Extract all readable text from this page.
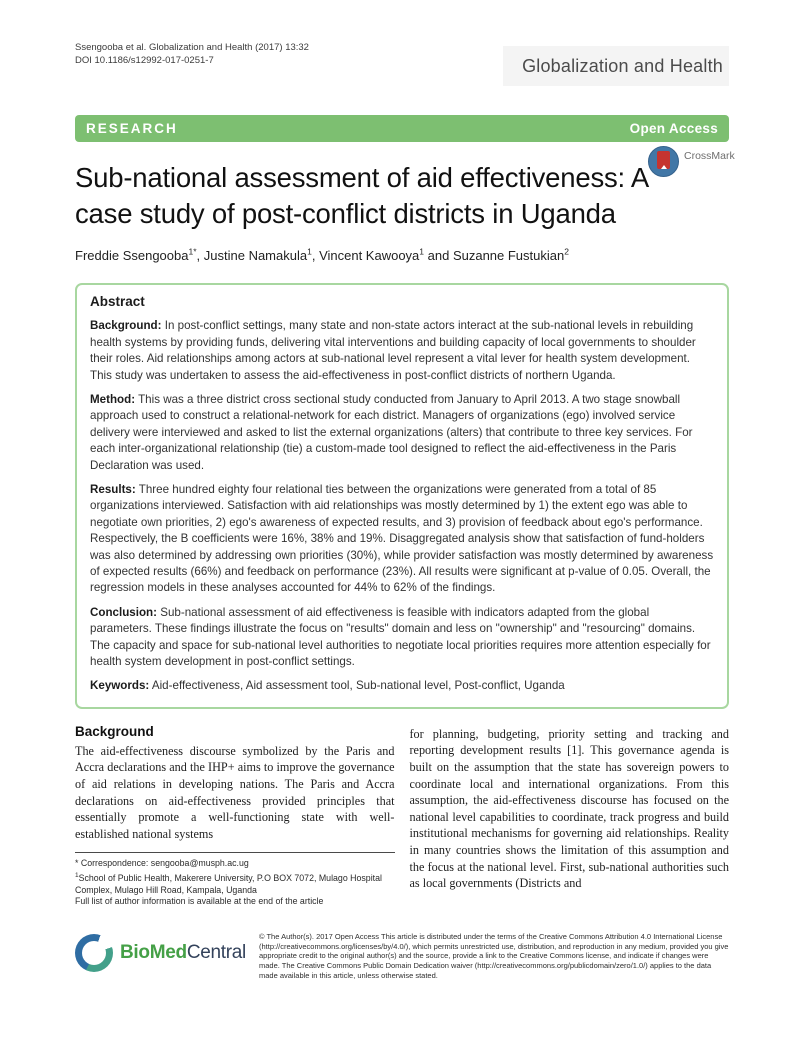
Ssengooba et al. Globalization and Health (2017) 13:32
DOI 10.1186/s12992-017-0251-7	Globalization and Health
RESEARCH	Open Access
CrossMark
Sub-national assessment of aid effectiveness: A case study of post-conflict districts in Uganda
Freddie Ssengooba$^{1*}$, Justine Namakula$^1$, Vincent Kawooya$^1$ and Suzanne Fustukian$^2$
Abstract

Background: In post-conflict settings, many state and non-state actors interact at the sub-national levels in rebuilding health systems by providing funds, delivering vital interventions and building capacity of local governments to shoulder their roles. Aid relationships among actors at sub-national level represent a vital lever for health system development. This study was undertaken to assess the aid-effectiveness in post-conflict districts of northern Uganda.

Method: This was a three district cross sectional study conducted from January to April 2013. A two stage snowball approach used to construct a relational-network for each district. Managers of organizations (ego) involved service delivery were interviewed and asked to list the external organizations (alters) that contribute to three key services. For each inter-organizational relationship (tie) a custom-made tool designed to reflect the aid-effectiveness in the Paris Declaration was used.

Results: Three hundred eighty four relational ties between the organizations were generated from a total of 85 organizations interviewed. Satisfaction with aid relationships was mostly determined by 1) the extent ego was able to negotiate own priorities, 2) ego's awareness of expected results, and 3) provision of feedback about ego's performance. Respectively, the B coefficients were 16%, 38% and 19%. Disaggregated analysis show that satisfaction of fund-holders was also determined by addressing own priorities (30%), while provider satisfaction was mostly determined by awareness of expected results (66%) and feedback on performance (23%). All results were significant at p-value of 0.05. Overall, the regression models in these analyses accounted for 44% to 62% of the findings.

Conclusion: Sub-national assessment of aid effectiveness is feasible with indicators adapted from the global parameters. These findings illustrate the focus on "results" domain and less on "ownership" and "resourcing" domains. The capacity and space for sub-national level authorities to negotiate local priorities requires more attention especially for health system development in post-conflict settings.

Keywords: Aid-effectiveness, Aid assessment tool, Sub-national level, Post-conflict, Uganda

Background

The aid-effectiveness discourse symbolized by the Paris and Accra declarations and the IHP+ aims to improve the governance of aid relations in developing nations. The Paris and Accra declarations on aid-effectiveness provided principles that essentially promote a well-functioning state with well-established national systems

* Correspondence: sengooba@musph.ac.ug

$^1$School of Public Health, Makerere University, P.O BOX 7072, Mulago Hospital Complex, Mulago Hill Road, Kampala, Uganda

Full list of author information is available at the end of the article

for planning, budgeting, priority setting and tracking and reporting development results [1]. This governance agenda is built on the assumption that the state has sovereign powers to coordinate local and international organizations. From this assumption, the aid-effectiveness discourse has focused on the national level capabilities to coordinate, track progress and build institutional mechanisms for governing aid relationships. Reality in many countries shows the limitation of this assumption and the focus at the national level. First, sub-national authorities such as local governments (Districts and

BioMedCentral

© The Author(s). 2017 Open Access This article is distributed under the terms of the Creative Commons Attribution 4.0 International License (http://creativecommons.org/licenses/by/4.0/), which permits unrestricted use, distribution, and reproduction in any medium, provided you give appropriate credit to the original author(s) and the source, provide a link to the Creative Commons license, and indicate if changes were made. The Creative Commons Public Domain Dedication waiver (http://creativecommons.org/publicdomain/zero/1.0/) applies to the data made available in this article, unless otherwise stated.
